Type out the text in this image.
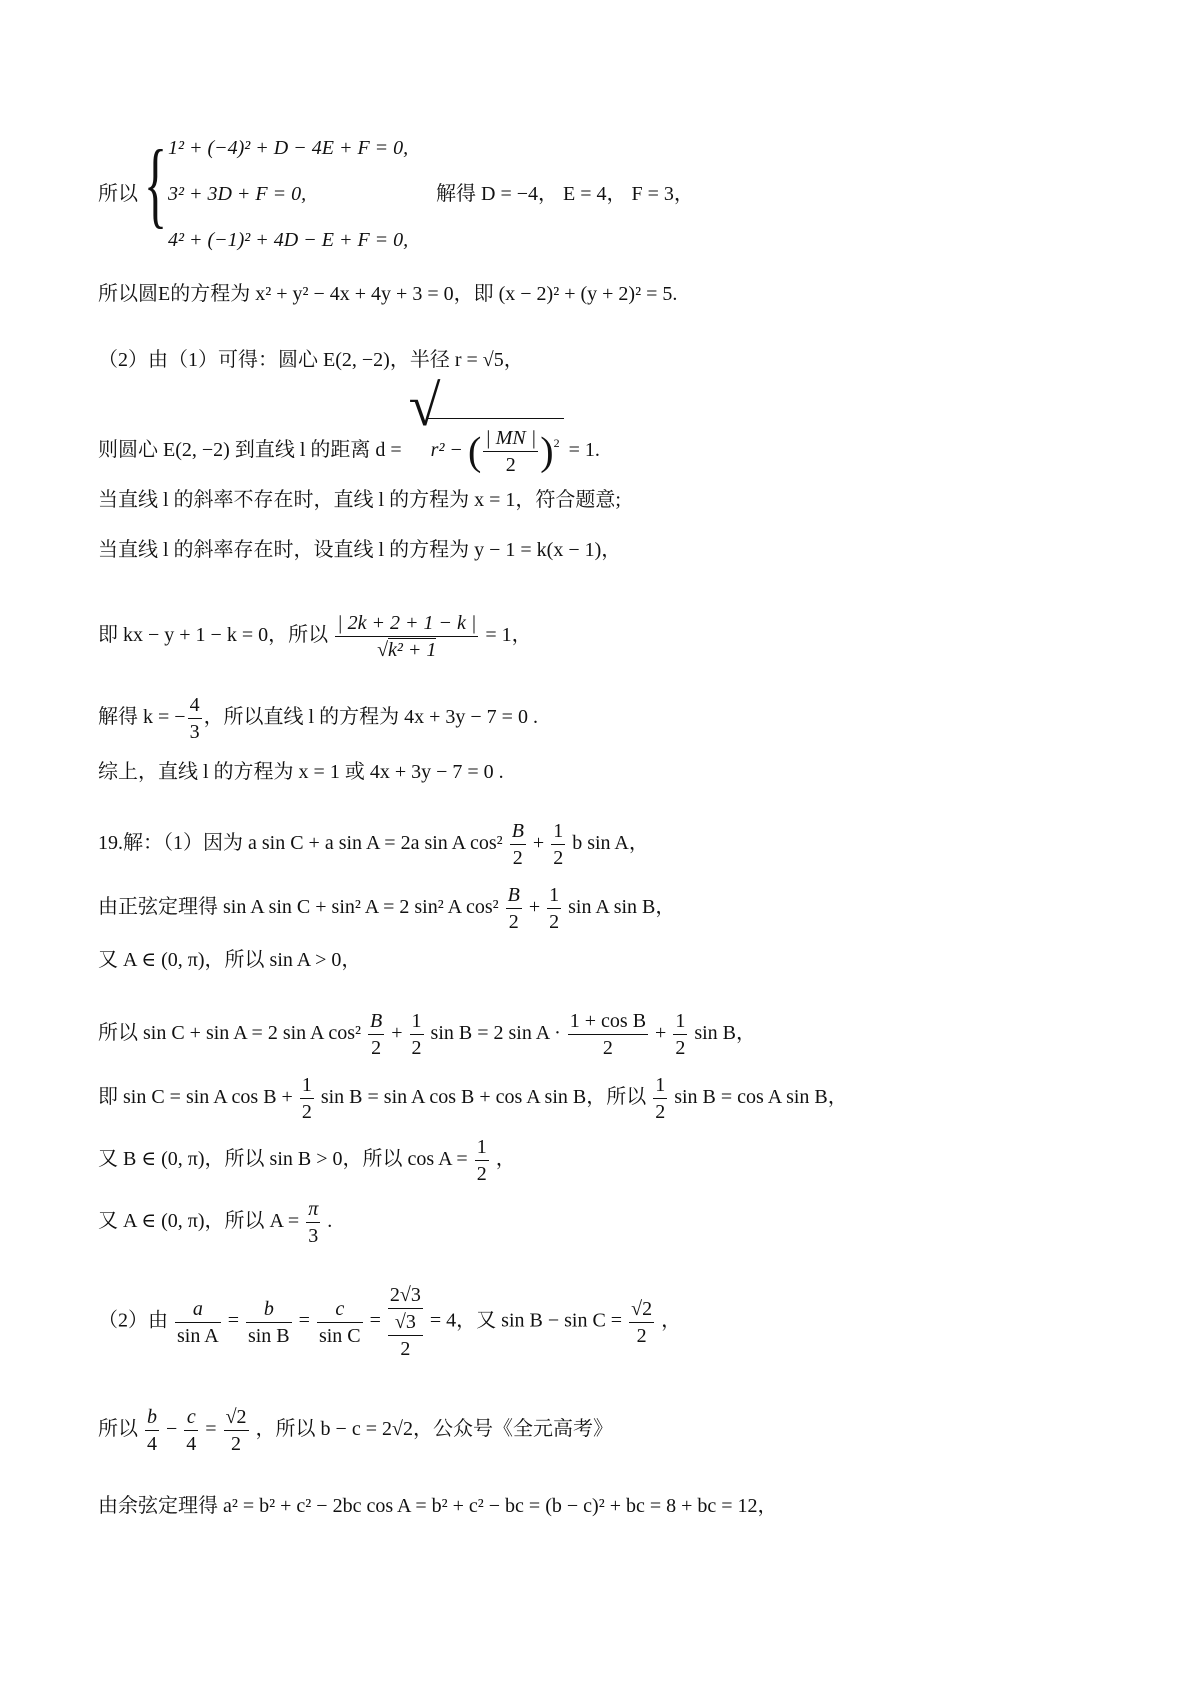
所以 { 1² + (−4)² + D − 4E + F = 0,
3² + 3D + F = 0,
4² + (−1)² + 4D − E + F = 0,
解得 D = −4， E = 4， F = 3，
所以圆E的方程为 x² + y² − 4x + 4y + 3 = 0，即 (x − 2)² + (y + 2)² = 5.
（2）由（1）可得：圆心 E(2, −2)，半径 r = √5，
则圆心 E(2, −2) 到直线 l 的距离 d =
√
r² − ( $\frac{| MN |}{2} )^2 = 1$.
当直线 l 的斜率不存在时，直线 l 的方程为 x = 1，符合题意;
当直线 l 的斜率存在时，设直线 l 的方程为 y − 1 = k(x − 1)，
即 kx − y + 1 − k = 0，所以 $\frac{| 2k + 2 + 1 - k |}{\text{√k² + 1}} = 1$，
解得 k = − $\frac{4}{3}$ ，所以直线 l 的方程为 4x + 3y − 7 = 0 .
综上，直线 l 的方程为 x = 1 或 4x + 3y − 7 = 0 .
19.解：（1）因为 a sin C + a sin A = 2a sin A $\cos^2 \frac{B}{2} + \frac{1}{2}$ b sin A，
由正弦定理得 sin A sin C + sin² A = 2 sin² A $\cos^2 \frac{B}{2} + \frac{1}{2}$ sin A sin B，
又 A ∈ (0, π)，所以 sin A > 0，
所以 sin C + sin A = 2 sin A $\cos^2 \frac{B}{2} + \frac{1}{2}$ sin B = 2 $\sin A \cdot \frac{\text{1 + cos B}}{2} + \frac{1}{2}$ sin B，
即 sin C = sin A $\cos B + \frac{1}{2}$ sin B = sin A cos B + cos A sin B，所以 $\frac{1}{2}$ sin B = cos A sin B，
又 B ∈ (0, π)，所以 sin B > 0，所以 $\cos A = \frac{1}{2}$ ，
又 A ∈ (0, π)，所以 $A = \frac{\pi}{3}$ .
（2）由 $\frac{a}{\text{sin A}} = \frac{b}{\text{sin B}} = \frac{c}{\text{sin C}}$ =
2√3
√3
2
= 4，又 $\sin B - \sin C = \frac{√2}{2}$ ，
所以 $\frac{b}{4} - \frac{c}{4} = \frac{√2}{2}$ ，所以 b − c = 2√2，公众号《全元高考》
由余弦定理得 a² = b² + c² − 2bc cos A = b² + c² − bc = (b − c)² + bc = 8 + bc = 12，
